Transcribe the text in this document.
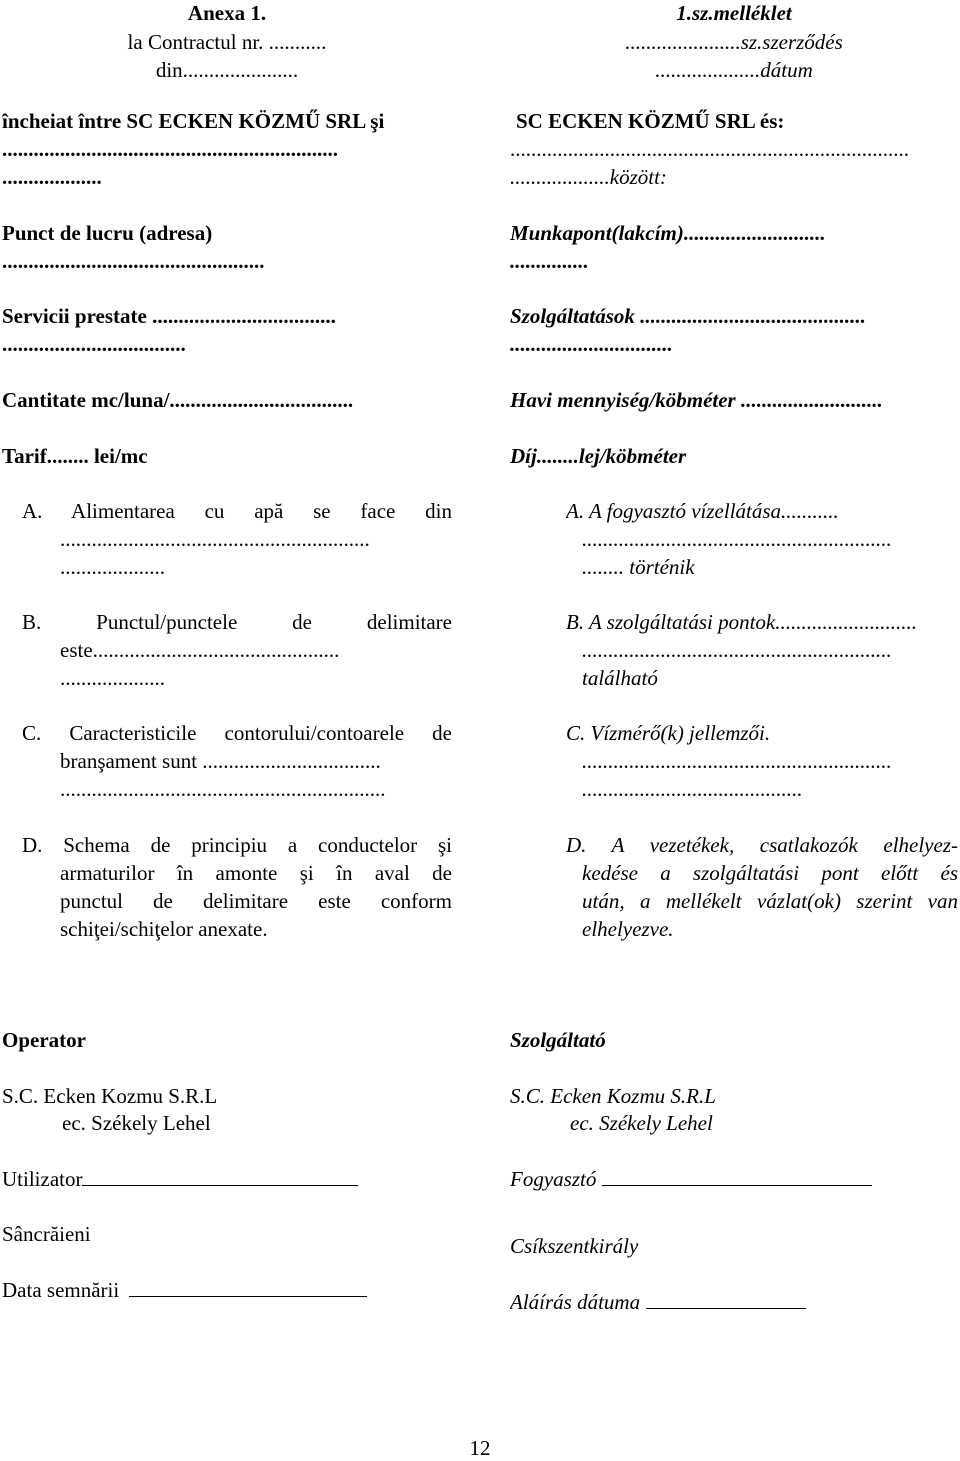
Anexa 1.
la Contractul nr. ...........
din......................
încheiat între SC ECKEN KÖZMŰ SRL şi
................................................................
...................
Punct de lucru (adresa)
..................................................
Servicii prestate ...................................
...................................
Cantitate mc/luna/...................................
Tarif........ lei/mc
A. Alimentarea cu apă se face din
...........................................................
....................
B. Punctul/punctele de delimitare
este...............................................
....................
C. Caracteristicile contorului/contoarele de
branşament sunt ..................................
..............................................................
D. Schema de principiu a conductelor şi
armaturilor în amonte şi în aval de
punctul de delimitare este conform
schiţei/schiţelor anexate.
Operator
S.C. Ecken Kozmu S.R.L
ec. Székely Lehel
Utilizator
Sâncrăieni
Data semnării
1.sz.melléklet
......................sz.szerződés
....................dátum
SC ECKEN KÖZMŰ SRL és:
............................................................................
...................között:
Munkapont(lakcím)...........................
...............
Szolgáltatások ...........................................
...............................
Havi mennyiség/köbméter ...........................
Díj........lej/köbméter
A. A fogyasztó vízellátása...........
...........................................................
........ történik
B. A szolgáltatási pontok...........................
...........................................................
található
C. Vízmérő(k) jellemzői.
...........................................................
..........................................
D. A vezetékek, csatlakozók elhelyez-
kedése a szolgáltatási pont előtt és
után, a mellékelt vázlat(ok) szerint van
elhelyezve.
Szolgáltató
S.C. Ecken Kozmu S.R.L
ec. Székely Lehel
Fogyasztó
Csíkszentkirály
Aláírás dátuma
12
